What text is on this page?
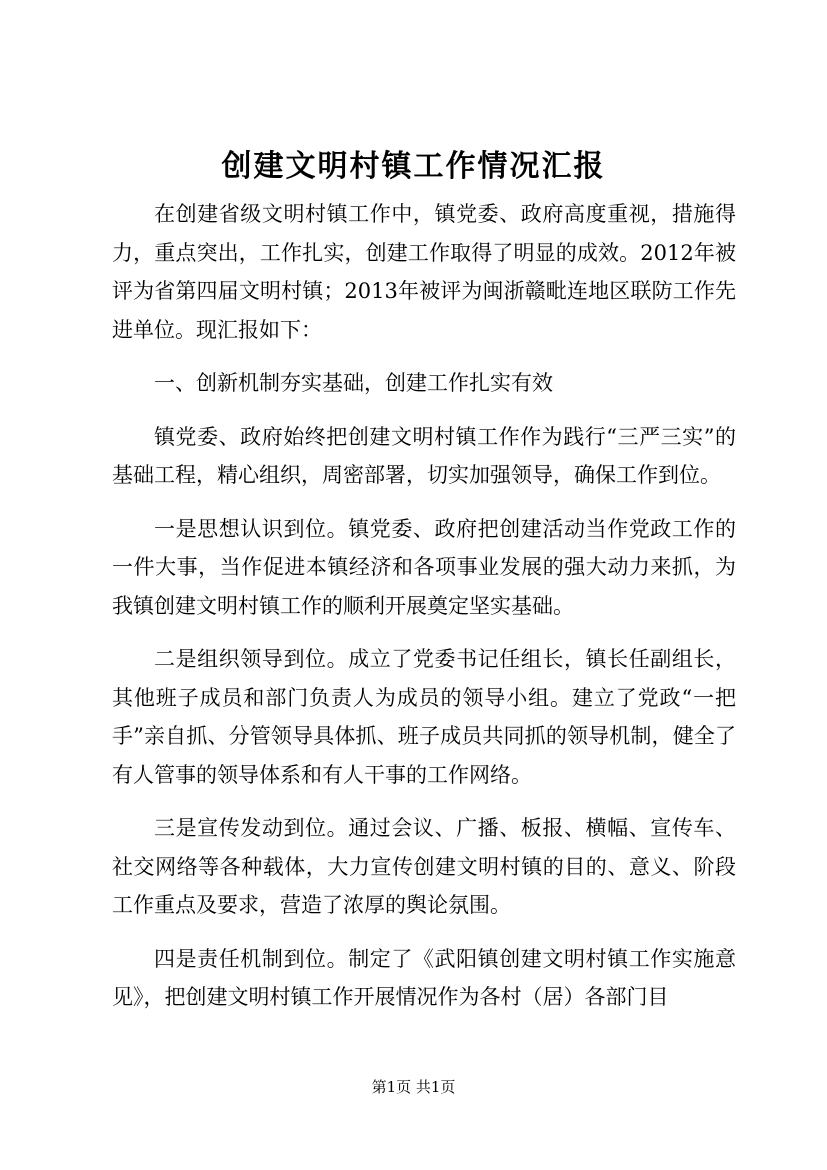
创建文明村镇工作情况汇报

在创建省级文明村镇工作中，镇党委、政府高度重视，措施得力，重点突出，工作扎实，创建工作取得了明显的成效。2012年被评为省第四届文明村镇；2013年被评为闽浙赣毗连地区联防工作先进单位。现汇报如下：

一、创新机制夯实基础，创建工作扎实有效

镇党委、政府始终把创建文明村镇工作作为践行“三严三实”的基础工程，精心组织，周密部署，切实加强领导，确保工作到位。

一是思想认识到位。镇党委、政府把创建活动当作党政工作的一件大事，当作促进本镇经济和各项事业发展的强大动力来抓，为我镇创建文明村镇工作的顺利开展奠定坚实基础。

二是组织领导到位。成立了党委书记任组长，镇长任副组长，其他班子成员和部门负责人为成员的领导小组。建立了党政“一把手”亲自抓、分管领导具体抓、班子成员共同抓的领导机制，健全了有人管事的领导体系和有人干事的工作网络。

三是宣传发动到位。通过会议、广播、板报、横幅、宣传车、社交网络等各种载体，大力宣传创建文明村镇的目的、意义、阶段工作重点及要求，营造了浓厚的舆论氛围。

四是责任机制到位。制定了《武阳镇创建文明村镇工作实施意见》，把创建文明村镇工作开展情况作为各村（居）各部门目

第1页 共1页
